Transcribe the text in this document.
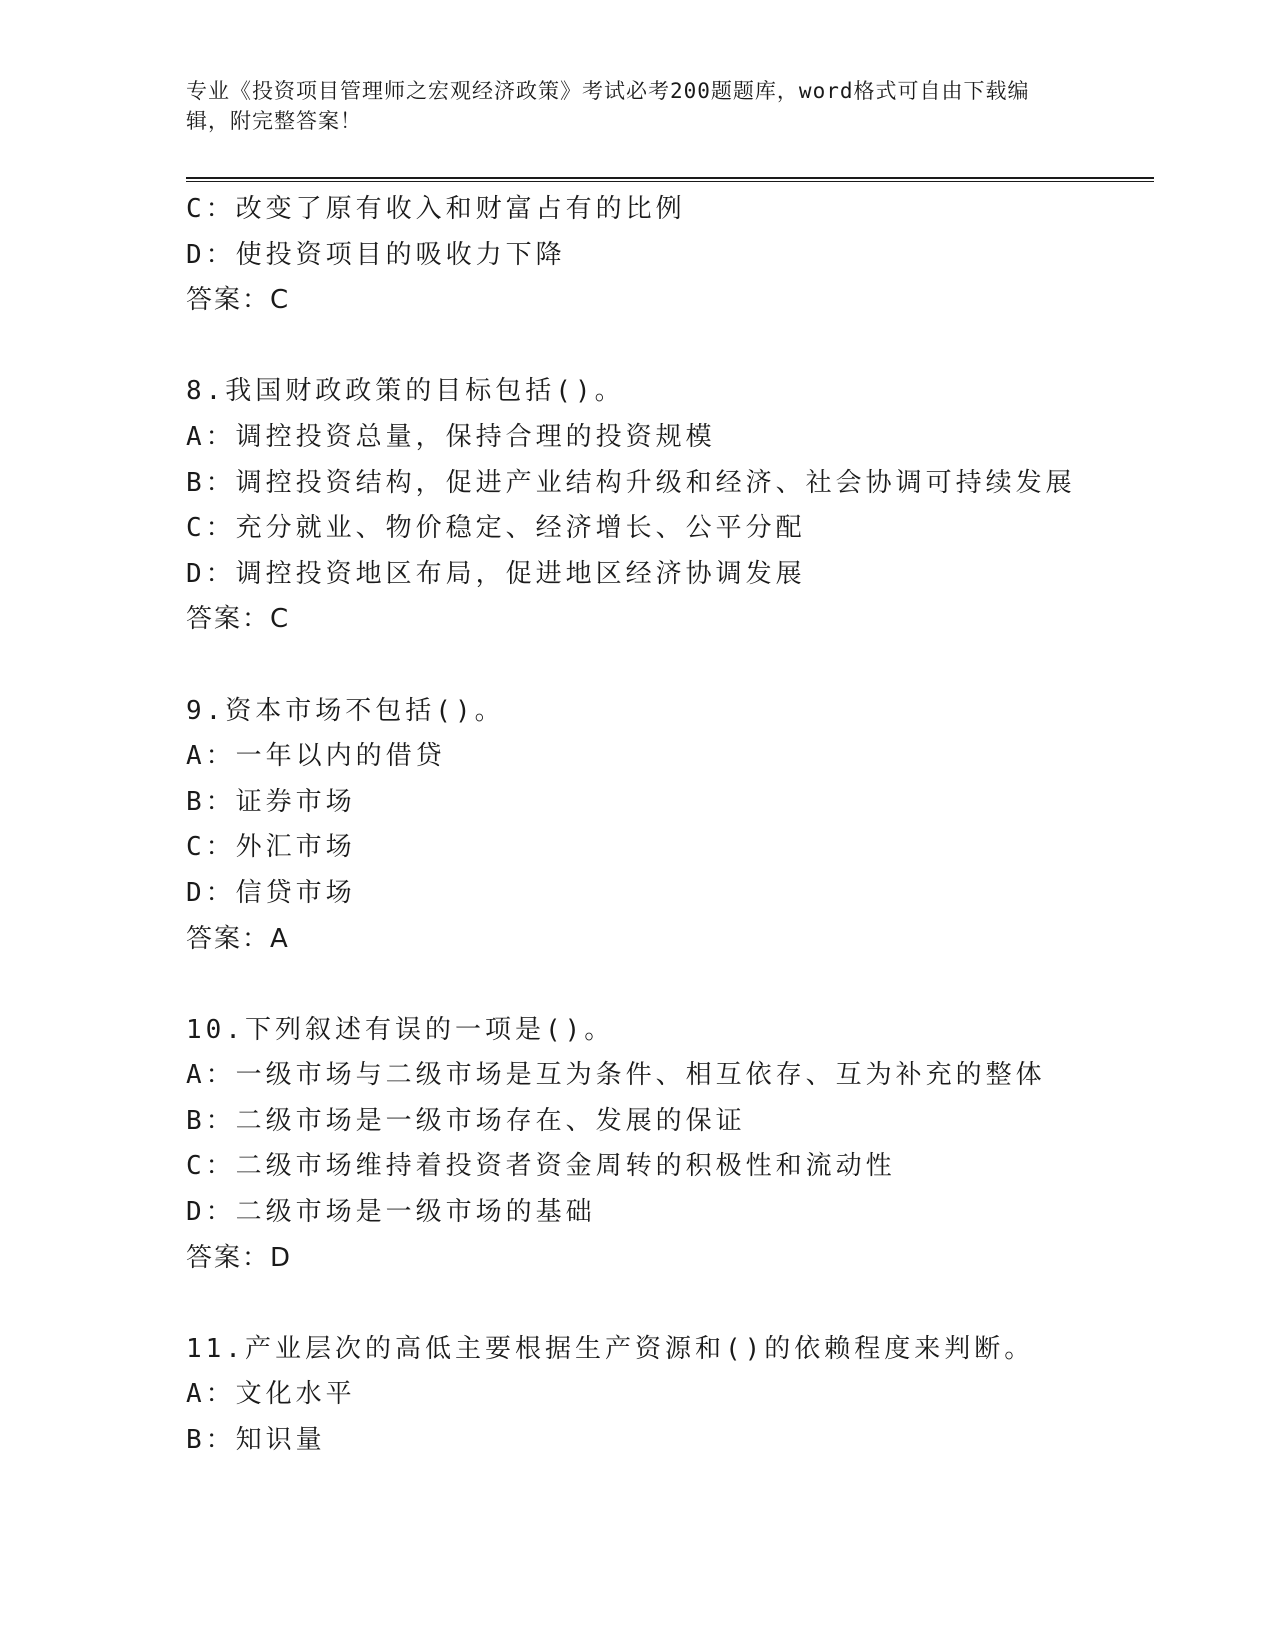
专业《投资项目管理师之宏观经济政策》考试必考200题题库，word格式可自由下载编辑，附完整答案！
C：改变了原有收入和财富占有的比例
D：使投资项目的吸收力下降
答案：C
8.我国财政政策的目标包括()。
A：调控投资总量，保持合理的投资规模
B：调控投资结构，促进产业结构升级和经济、社会协调可持续发展
C：充分就业、物价稳定、经济增长、公平分配
D：调控投资地区布局，促进地区经济协调发展
答案：C
9.资本市场不包括()。
A：一年以内的借贷
B：证券市场
C：外汇市场
D：信贷市场
答案：A
10.下列叙述有误的一项是()。
A：一级市场与二级市场是互为条件、相互依存、互为补充的整体
B：二级市场是一级市场存在、发展的保证
C：二级市场维持着投资者资金周转的积极性和流动性
D：二级市场是一级市场的基础
答案：D
11.产业层次的高低主要根据生产资源和()的依赖程度来判断。
A：文化水平
B：知识量
